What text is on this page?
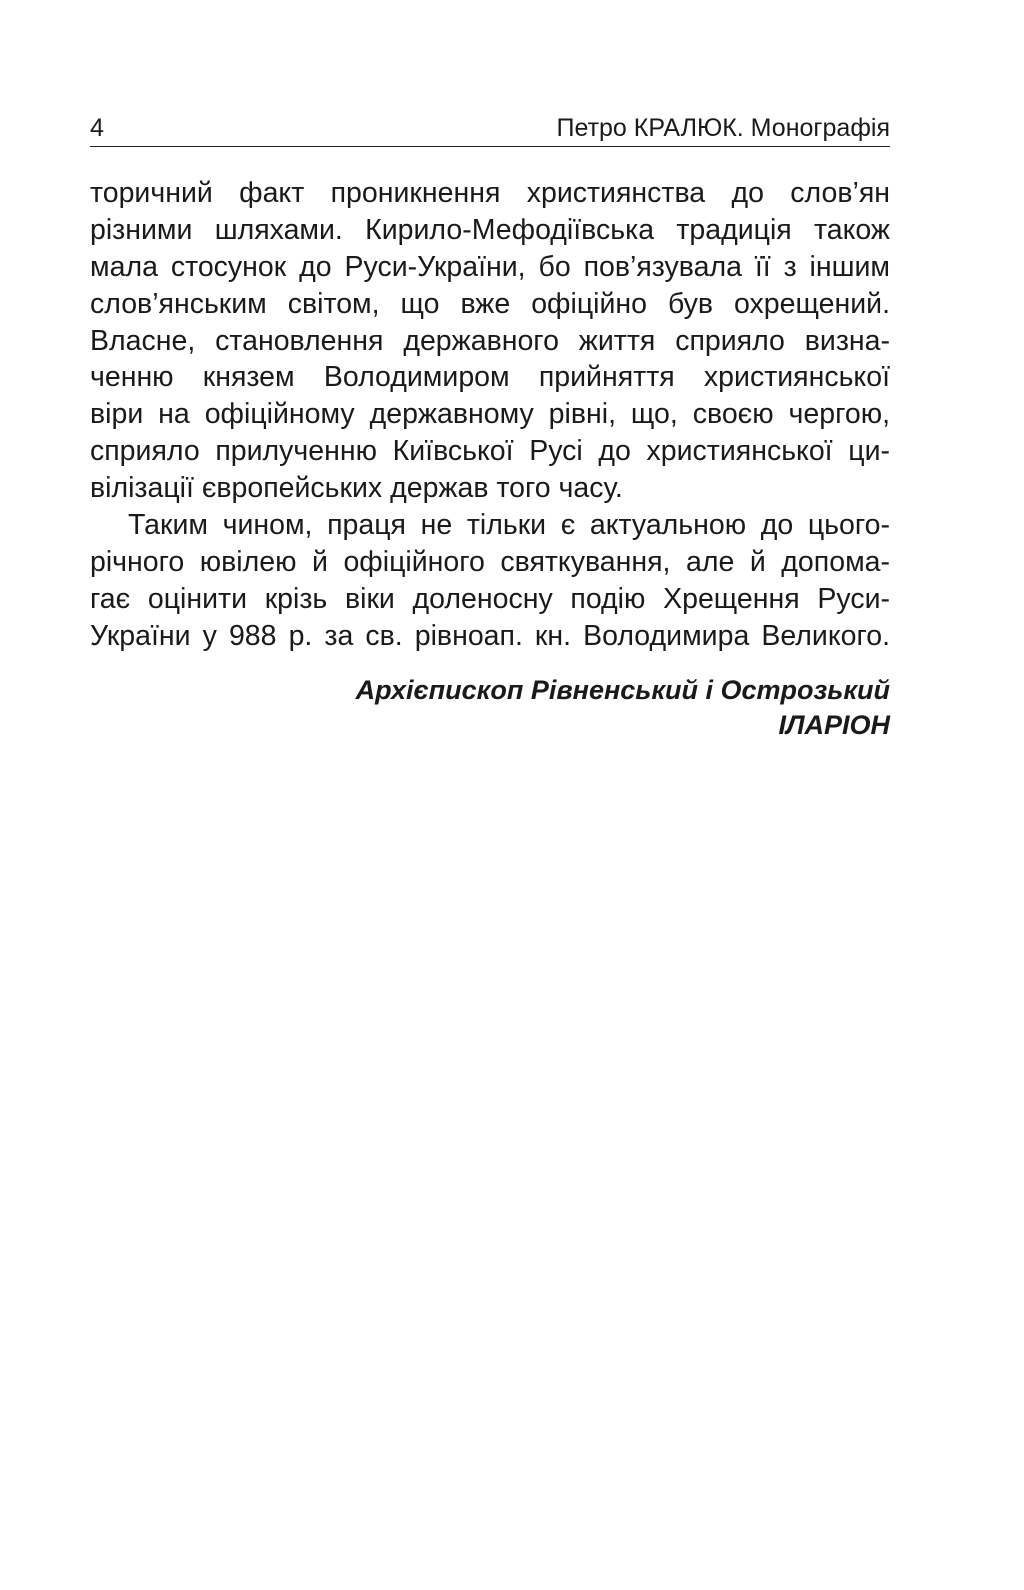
4	Петро КРАЛЮК. Монографія
торичний факт проникнення християнства до слов’ян
різними шляхами. Кирило-Мефодіївська традиція також
мала стосунок до Руси-України, бо пов’язувала її з іншим
слов’янським світом, що вже офіційно був охрещений.
Власне, становлення державного життя сприяло визна-
ченню князем Володимиром прийняття християнської
віри на офіційному державному рівні, що, своєю чергою,
сприяло прилученню Київської Русі до християнської ци-
вілізації європейських держав того часу.
Таким чином, праця не тільки є актуальною до цього-
річного ювілею й офіційного святкування, але й допома-
гає оцінити крізь віки доленосну подію Хрещення Руси-
України у 988 р. за св. рівноап. кн. Володимира Великого.
Архієпископ Рівненський і Острозький
ІЛАРІОН
